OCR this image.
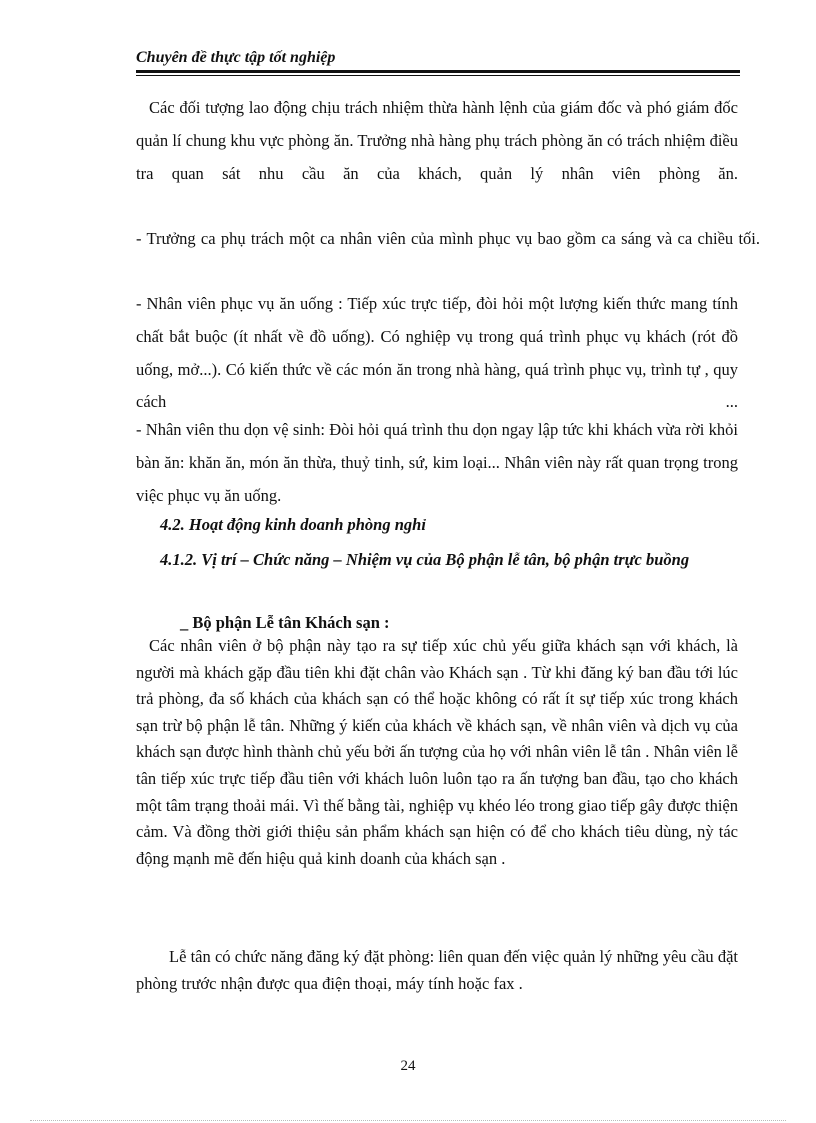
Chuyên đề thực tập tốt nghiệp
Các đối tượng lao động chịu trách nhiệm thừa hành lệnh của giám đốc và phó giám đốc quản lí chung khu vực phòng ăn. Trưởng nhà hàng phụ trách phòng ăn có trách nhiệm điều tra quan sát nhu cầu ăn của khách, quản lý nhân viên phòng ăn.
- Trưởng ca phụ trách một ca nhân viên của mình phục vụ bao gồm ca sáng và ca chiều tối.
- Nhân viên phục vụ ăn uống : Tiếp xúc trực tiếp, đòi hỏi một lượng kiến thức mang tính chất bắt buộc (ít nhất về đồ uống). Có nghiệp vụ trong quá trình phục vụ khách (rót đồ uống, mở...). Có kiến thức về các món ăn trong nhà hàng, quá trình phục vụ, trình tự , quy cách ...
- Nhân viên thu dọn vệ sinh: Đòi hỏi quá trình thu dọn ngay lập tức khi khách vừa rời khỏi bàn ăn: khăn ăn, món ăn thừa, thuỷ tinh, sứ, kim loại... Nhân viên này rất quan trọng trong việc phục vụ ăn uống.
4.2. Hoạt động kinh doanh phòng nghỉ
4.1.2. Vị trí – Chức năng – Nhiệm vụ của Bộ phận lễ tân, bộ phận trực buồng
_ Bộ phận Lễ tân Khách sạn :
Các nhân viên ở bộ phận này tạo ra sự tiếp xúc chủ yếu giữa khách sạn với khách, là người mà khách gặp đầu tiên khi đặt chân vào Khách sạn . Từ khi đăng ký ban đầu tới lúc trả phòng, đa số khách của khách sạn có thể hoặc không có rất ít sự tiếp xúc trong khách sạn trừ bộ phận lễ tân. Những ý kiến của khách về khách sạn, về nhân viên và dịch vụ của khách sạn được hình thành chủ yếu bởi ấn tượng của họ với nhân viên lễ tân . Nhân viên lễ tân tiếp xúc trực tiếp đầu tiên với khách luôn luôn tạo ra ấn tượng ban đầu, tạo cho khách một tâm trạng thoải mái. Vì thế bằng tài, nghiệp vụ khéo léo trong giao tiếp gây được thiện cảm. Và đồng thời giới thiệu sản phẩm khách sạn hiện có để cho khách tiêu dùng, nỳ tác động mạnh mẽ đến hiệu quả kinh doanh của khách sạn .
Lễ tân có chức năng đăng ký đặt phòng: liên quan đến việc quản lý những yêu cầu đặt phòng trước nhận được qua điện thoại, máy tính hoặc fax .
24
